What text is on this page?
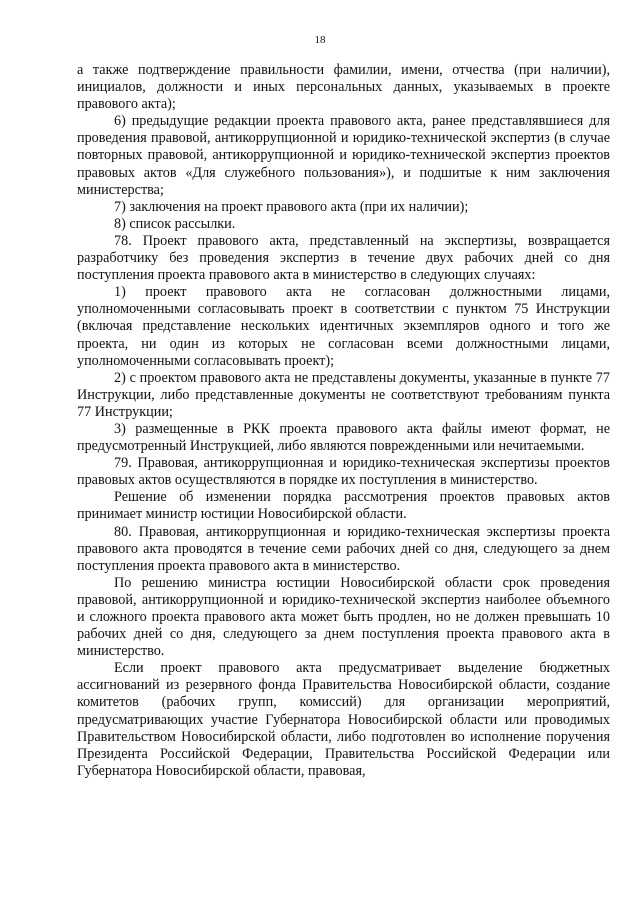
18

а также подтверждение правильности фамилии, имени, отчества (при наличии), инициалов, должности и иных персональных данных, указываемых в проекте правового акта);

6) предыдущие редакции проекта правового акта, ранее представлявшиеся для проведения правовой, антикоррупционной и юридико-технической экспертиз (в случае повторных правовой, антикоррупционной и юридико-технической экспертиз проектов правовых актов «Для служебного пользования»), и подшитые к ним заключения министерства;

7) заключения на проект правового акта (при их наличии);

8) список рассылки.

78. Проект правового акта, представленный на экспертизы, возвращается разработчику без проведения экспертиз в течение двух рабочих дней со дня поступления проекта правового акта в министерство в следующих случаях:

1) проект правового акта не согласован должностными лицами, уполномоченными согласовывать проект в соответствии с пунктом 75 Инструкции (включая представление нескольких идентичных экземпляров одного и того же проекта, ни один из которых не согласован всеми должностными лицами, уполномоченными согласовывать проект);

2) с проектом правового акта не представлены документы, указанные в пункте 77 Инструкции, либо представленные документы не соответствуют требованиям пункта 77 Инструкции;

3) размещенные в РКК проекта правового акта файлы имеют формат, не предусмотренный Инструкцией, либо являются поврежденными или нечитаемыми.

79. Правовая, антикоррупционная и юридико-техническая экспертизы проектов правовых актов осуществляются в порядке их поступления в министерство.

Решение об изменении порядка рассмотрения проектов правовых актов принимает министр юстиции Новосибирской области.

80. Правовая, антикоррупционная и юридико-техническая экспертизы проекта правового акта проводятся в течение семи рабочих дней со дня, следующего за днем поступления проекта правового акта в министерство.

По решению министра юстиции Новосибирской области срок проведения правовой, антикоррупционной и юридико-технической экспертиз наиболее объемного и сложного проекта правового акта может быть продлен, но не должен превышать 10 рабочих дней со дня, следующего за днем поступления проекта правового акта в министерство.

Если проект правового акта предусматривает выделение бюджетных ассигнований из резервного фонда Правительства Новосибирской области, создание комитетов (рабочих групп, комиссий) для организации мероприятий, предусматривающих участие Губернатора Новосибирской области или проводимых Правительством Новосибирской области, либо подготовлен во исполнение поручения Президента Российской Федерации, Правительства Российской Федерации или Губернатора Новосибирской области, правовая,
